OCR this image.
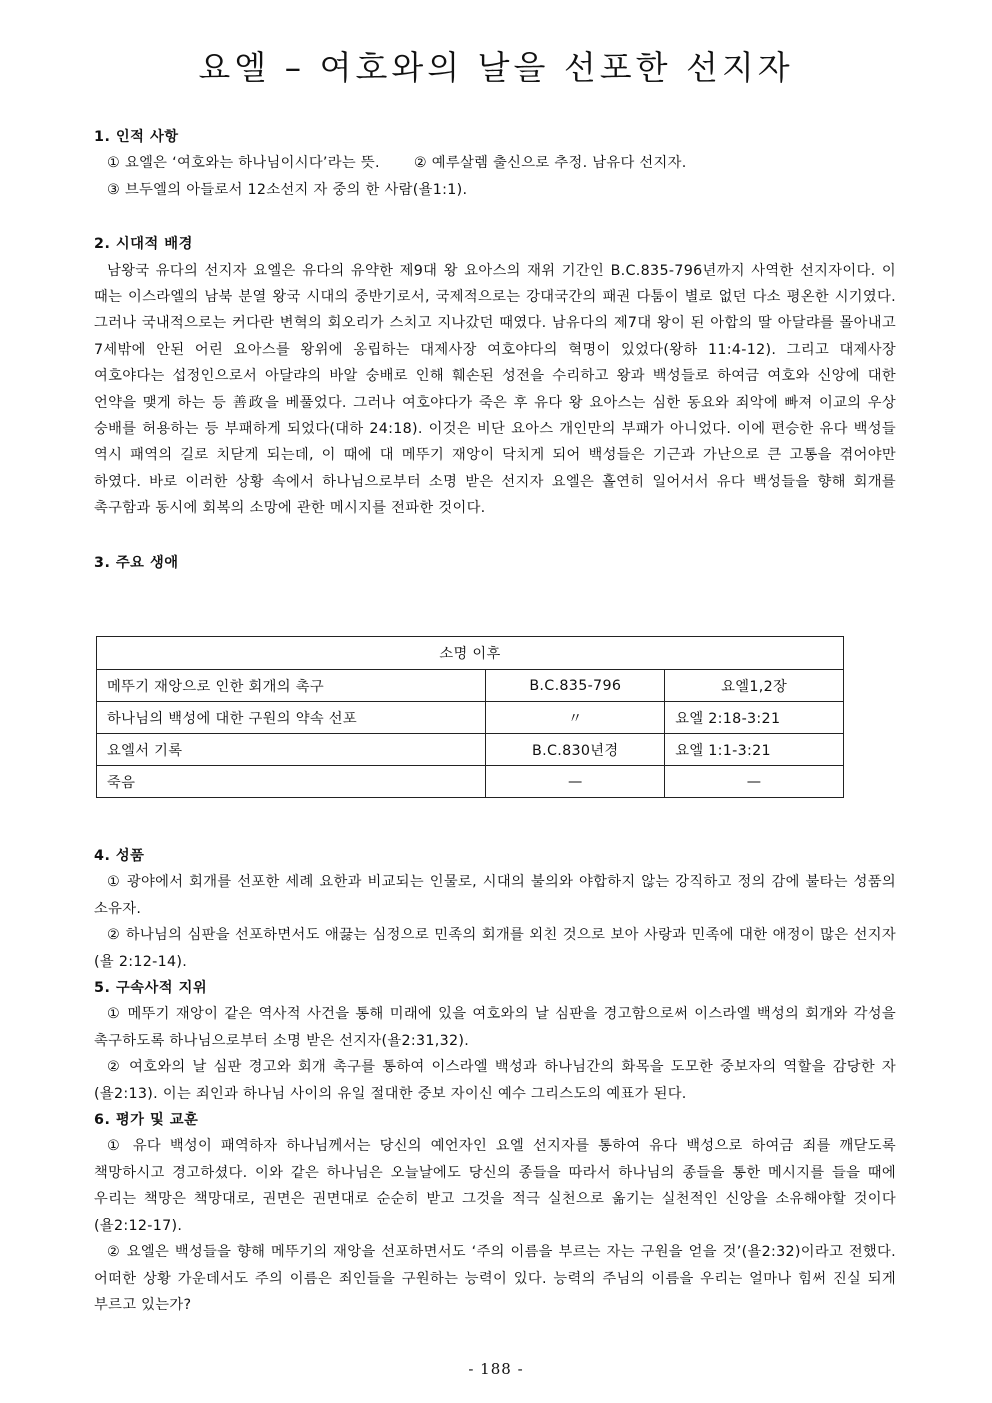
요엘 – 여호와의 날을 선포한 선지자

1. 인적 사항

① 요엘은 ‘여호와는 하나님이시다’라는 뜻. ② 예루살렘 출신으로 추정. 남유다 선지자.

③ 브두엘의 아들로서 12소선지 자 중의 한 사람(욜1:1).

2. 시대적 배경

남왕국 유다의 선지자 요엘은 유다의 유약한 제9대 왕 요아스의 재위 기간인 B.C.835-796년까지 사역한 선지자이다. 이 때는 이스라엘의 남북 분열 왕국 시대의 중반기로서, 국제적으로는 강대국간의 패권 다툼이 별로 없던 다소 평온한 시기였다. 그러나 국내적으로는 커다란 변혁의 회오리가 스치고 지나갔던 때였다. 남유다의 제7대 왕이 된 아합의 딸 아달랴를 몰아내고 7세밖에 안된 어린 요아스를 왕위에 옹립하는 대제사장 여호야다의 혁명이 있었다(왕하 11:4-12). 그리고 대제사장 여호야다는 섭정인으로서 아달랴의 바알 숭배로 인해 훼손된 성전을 수리하고 왕과 백성들로 하여금 여호와 신앙에 대한 언약을 맺게 하는 등 善政을 베풀었다. 그러나 여호야다가 죽은 후 유다 왕 요아스는 심한 동요와 죄악에 빠져 이교의 우상 숭배를 허용하는 등 부패하게 되었다(대하 24:18). 이것은 비단 요아스 개인만의 부패가 아니었다. 이에 편승한 유다 백성들 역시 패역의 길로 치닫게 되는데, 이 때에 대 메뚜기 재앙이 닥치게 되어 백성들은 기근과 가난으로 큰 고통을 겪어야만 하였다. 바로 이러한 상황 속에서 하나님으로부터 소명 받은 선지자 요엘은 홀연히 일어서서 유다 백성들을 향해 회개를 촉구함과 동시에 회복의 소망에 관한 메시지를 전파한 것이다.

3. 주요 생애

소명 이후		
메뚜기 재앙으로 인한 회개의 촉구	B.C.835-796	요엘1,2장
하나님의 백성에 대한 구원의 약속 선포	〃	요엘 2:18-3:21
요엘서 기록	B.C.830년경	요엘 1:1-3:21
죽음	—	—

4. 성품

① 광야에서 회개를 선포한 세례 요한과 비교되는 인물로, 시대의 불의와 야합하지 않는 강직하고 정의 감에 불타는 성품의 소유자.

② 하나님의 심판을 선포하면서도 애끓는 심정으로 민족의 회개를 외친 것으로 보아 사랑과 민족에 대한 애정이 많은 선지자(욜 2:12-14).

5. 구속사적 지위

① 메뚜기 재앙이 같은 역사적 사건을 통해 미래에 있을 여호와의 날 심판을 경고함으로써 이스라엘 백성의 회개와 각성을 촉구하도록 하나님으로부터 소명 받은 선지자(욜2:31,32).

② 여호와의 날 심판 경고와 회개 촉구를 통하여 이스라엘 백성과 하나님간의 화목을 도모한 중보자의 역할을 감당한 자(욜2:13). 이는 죄인과 하나님 사이의 유일 절대한 중보 자이신 예수 그리스도의 예표가 된다.

6. 평가 및 교훈

① 유다 백성이 패역하자 하나님께서는 당신의 예언자인 요엘 선지자를 통하여 유다 백성으로 하여금 죄를 깨닫도록 책망하시고 경고하셨다. 이와 같은 하나님은 오늘날에도 당신의 종들을 따라서 하나님의 종들을 통한 메시지를 들을 때에 우리는 책망은 책망대로, 권면은 권면대로 순순히 받고 그것을 적극 실천으로 옮기는 실천적인 신앙을 소유해야할 것이다(욜2:12-17).

② 요엘은 백성들을 향해 메뚜기의 재앙을 선포하면서도 ‘주의 이름을 부르는 자는 구원을 얻을 것’(욜2:32)이라고 전했다. 어떠한 상황 가운데서도 주의 이름은 죄인들을 구원하는 능력이 있다. 능력의 주님의 이름을 우리는 얼마나 힘써 진실 되게 부르고 있는가?

- 188 -
